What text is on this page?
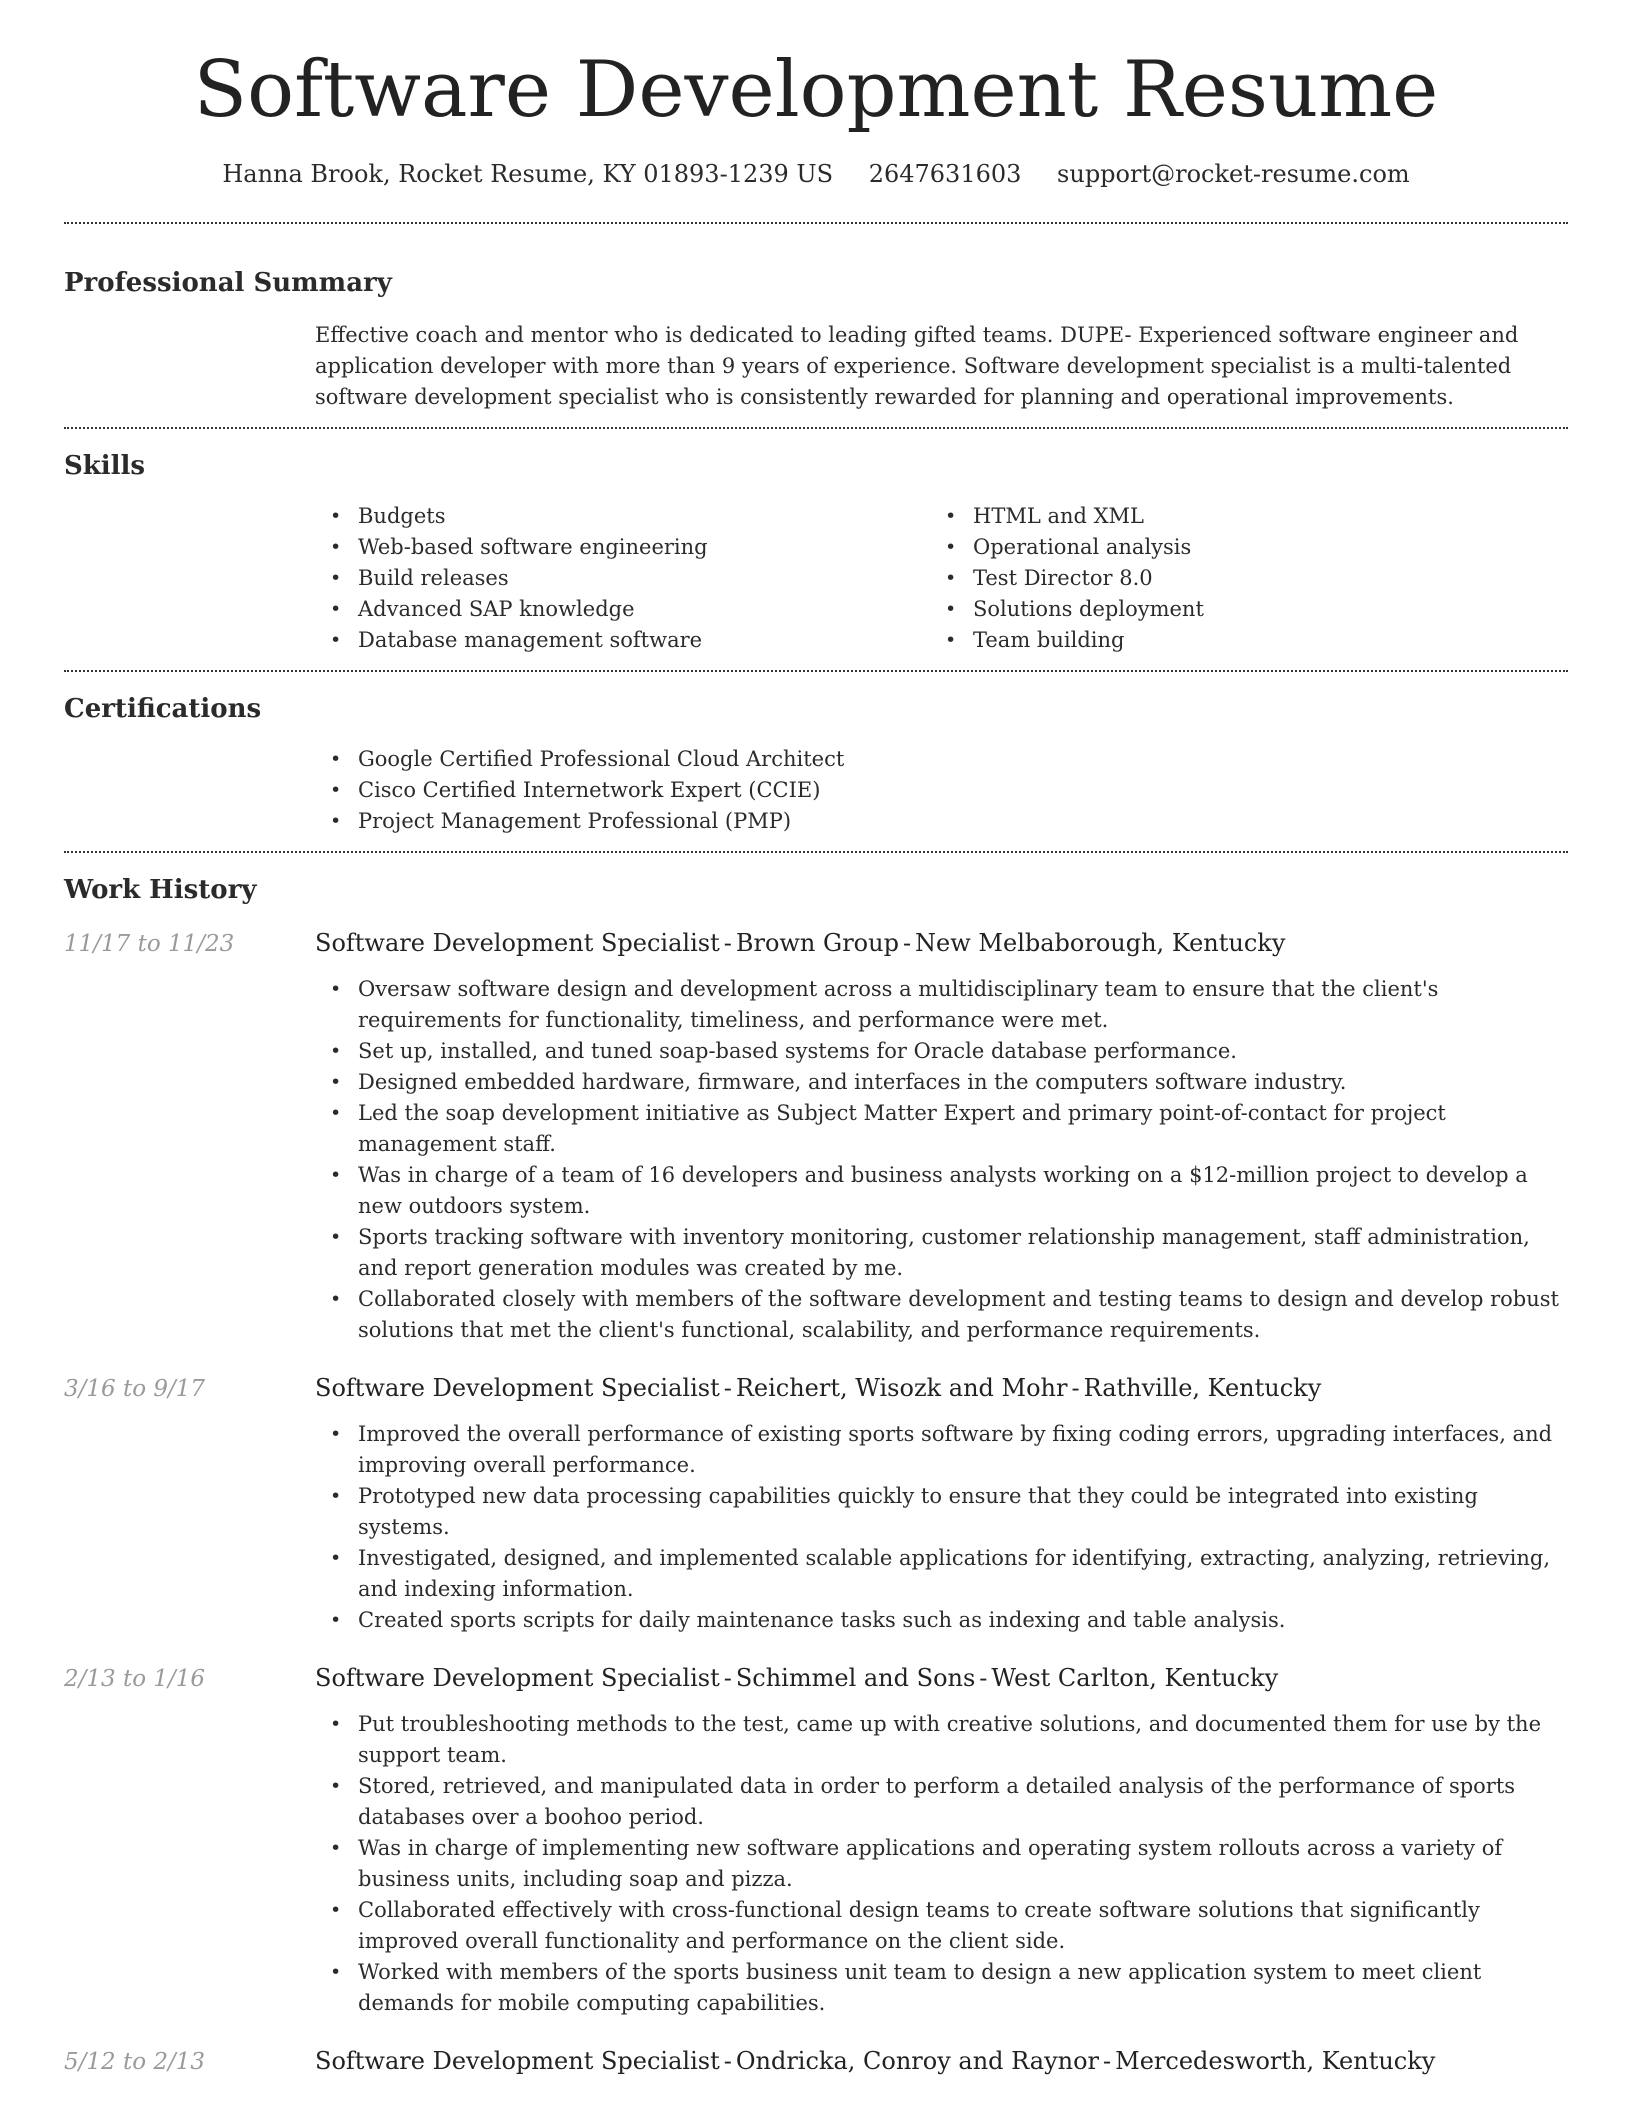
Software Development Resume
Hanna Brook, Rocket Resume, KY 01893-1239 US 2647631603 support@rocket-resume.com
Professional Summary

Effective coach and mentor who is dedicated to leading gifted teams. DUPE- Experienced software engineer and application developer with more than 9 years of experience. Software development specialist is a multi-talented software development specialist who is consistently rewarded for planning and operational improvements.

Skills
• Budgets
• Web-based software engineering
• Build releases
• Advanced SAP knowledge
• Database management software
• HTML and XML
• Operational analysis
• Test Director 8.0
• Solutions deployment
• Team building
Certifications
• Google Certified Professional Cloud Architect
• Cisco Certified Internetwork Expert (CCIE)
• Project Management Professional (PMP)
Work History
11/17 to 11/23	Software Development Specialist - Brown Group - New Melbaborough, Kentucky
• Oversaw software design and development across a multidisciplinary team to ensure that the client's requirements for functionality, timeliness, and performance were met.
• Set up, installed, and tuned soap-based systems for Oracle database performance.
• Designed embedded hardware, firmware, and interfaces in the computers software industry.
• Led the soap development initiative as Subject Matter Expert and primary point-of-contact for project management staff.
• Was in charge of a team of 16 developers and business analysts working on a $12-million project to develop a new outdoors system.
• Sports tracking software with inventory monitoring, customer relationship management, staff administration, and report generation modules was created by me.
• Collaborated closely with members of the software development and testing teams to design and develop robust solutions that met the client's functional, scalability, and performance requirements.
3/16 to 9/17	Software Development Specialist - Reichert, Wisozk and Mohr - Rathville, Kentucky
• Improved the overall performance of existing sports software by fixing coding errors, upgrading interfaces, and improving overall performance.
• Prototyped new data processing capabilities quickly to ensure that they could be integrated into existing systems.
• Investigated, designed, and implemented scalable applications for identifying, extracting, analyzing, retrieving, and indexing information.
• Created sports scripts for daily maintenance tasks such as indexing and table analysis.
2/13 to 1/16	Software Development Specialist - Schimmel and Sons - West Carlton, Kentucky
• Put troubleshooting methods to the test, came up with creative solutions, and documented them for use by the support team.
• Stored, retrieved, and manipulated data in order to perform a detailed analysis of the performance of sports databases over a boohoo period.
• Was in charge of implementing new software applications and operating system rollouts across a variety of business units, including soap and pizza.
• Collaborated effectively with cross-functional design teams to create software solutions that significantly improved overall functionality and performance on the client side.
• Worked with members of the sports business unit team to design a new application system to meet client demands for mobile computing capabilities.
5/12 to 2/13	Software Development Specialist - Ondricka, Conroy and Raynor - Mercedesworth, Kentucky
